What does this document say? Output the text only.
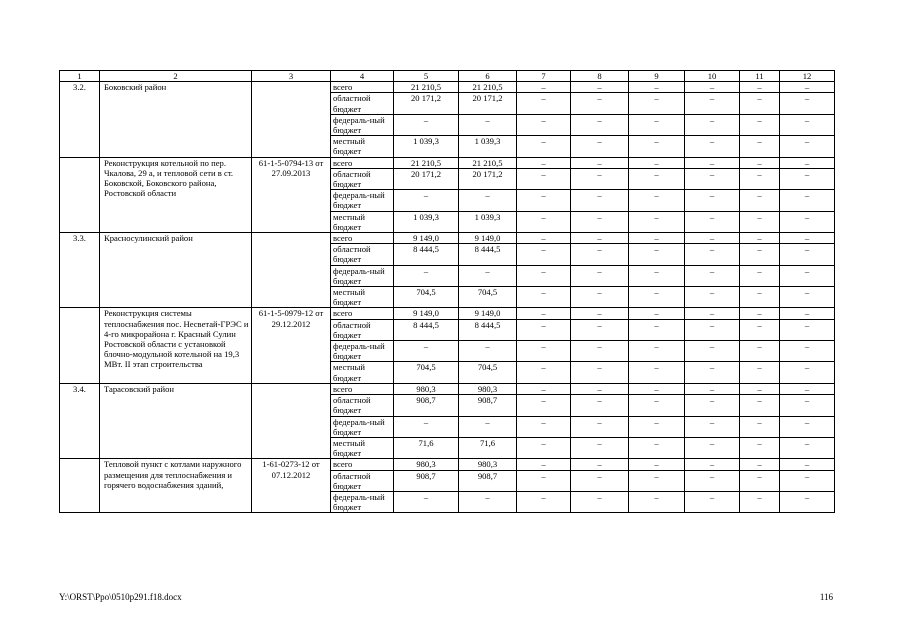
1	2	3	4	5	6	7	8	9	10	11	12
3.2.	Боковский район		всего	21 210,5	21 210,5	–	–	–	–	–	–
			областной бюджет	20 171,2	20 171,2	–	–	–	–	–	–
			федераль-ный бюджет	–	–	–	–	–	–	–	–
			местный бюджет	1 039,3	1 039,3	–	–	–	–	–	–
	Реконструкция котельной по пер. Чкалова, 29 а, и тепловой сети в ст. Боковской, Боковского района, Ростовской области	61-1-5-0794-13 от 27.09.2013	всего	21 210,5	21 210,5	–	–	–	–	–	–
			областной бюджет	20 171,2	20 171,2	–	–	–	–	–	–
			федераль-ный бюджет	–	–	–	–	–	–	–	–
			местный бюджет	1 039,3	1 039,3	–	–	–	–	–	–
3.3.	Красносулинский район		всего	9 149,0	9 149,0	–	–	–	–	–	–
			областной бюджет	8 444,5	8 444,5	–	–	–	–	–	–
			федераль-ный бюджет	–	–	–	–	–	–	–	–
			местный бюджет	704,5	704,5	–	–	–	–	–	–
	Реконструкция системы теплоснабжения пос. Несветай-ГРЭС и 4-го микрорайона г. Красный Сулин Ростовской области с установкой блочно-модульной котельной на 19,3 МВт. II этап строительства	61-1-5-0979-12 от 29.12.2012	всего	9 149,0	9 149,0	–	–	–	–	–	–
			областной бюджет	8 444,5	8 444,5	–	–	–	–	–	–
			федераль-ный бюджет	–	–	–	–	–	–	–	–
			местный бюджет	704,5	704,5	–	–	–	–	–	–
3.4.	Тарасовский район		всего	980,3	980,3	–	–	–	–	–	–
			областной бюджет	908,7	908,7	–	–	–	–	–	–
			федераль-ный бюджет	–	–	–	–	–	–	–	–
			местный бюджет	71,6	71,6	–	–	–	–	–	–
	Тепловой пункт с котлами наружного размещения для теплоснабжения и горячего водоснабжения зданий,	1-61-0273-12 от 07.12.2012	всего	980,3	980,3	–	–	–	–	–	–
			областной бюджет	908,7	908,7	–	–	–	–	–	–
			федераль-ный бюджет	–	–	–	–	–	–	–	–
Y:\ORST\Ppo\0510p291.f18.docx	116
